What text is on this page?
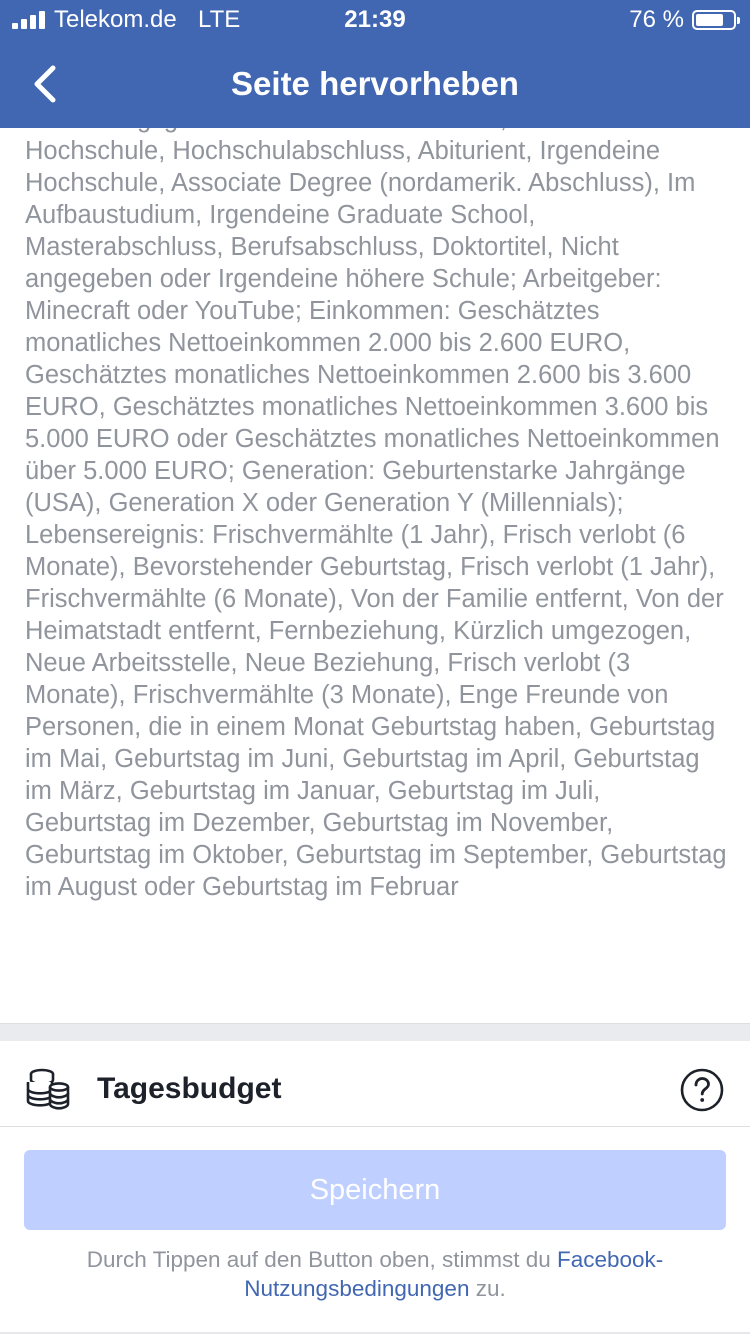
Telekom.de LTE	21:39	76 %
Seite hervorheben

Hochschule, Hochschulabschluss, Abiturient, Irgendeine Hochschule, Associate Degree (nordamerik. Abschluss), Im Aufbaustudium, Irgendeine Graduate School, Masterabschluss, Berufsabschluss, Doktortitel, Nicht angegeben oder Irgendeine höhere Schule; Arbeitgeber: Minecraft oder YouTube; Einkommen: Geschätztes monatliches Nettoeinkommen 2.000 bis 2.600 EURO, Geschätztes monatliches Nettoeinkommen 2.600 bis 3.600 EURO, Geschätztes monatliches Nettoeinkommen 3.600 bis 5.000 EURO oder Geschätztes monatliches Nettoeinkommen über 5.000 EURO; Generation: Geburtenstarke Jahrgänge (USA), Generation X oder Generation Y (Millennials); Lebensereignis: Frischvermählte (1 Jahr), Frisch verlobt (6 Monate), Bevorstehender Geburtstag, Frisch verlobt (1 Jahr), Frischvermählte (6 Monate), Von der Familie entfernt, Von der Heimatstadt entfernt, Fernbeziehung, Kürzlich umgezogen, Neue Arbeitsstelle, Neue Beziehung, Frisch verlobt (3 Monate), Frischvermählte (3 Monate), Enge Freunde von Personen, die in einem Monat Geburtstag haben, Geburtstag im Mai, Geburtstag im Juni, Geburtstag im April, Geburtstag im März, Geburtstag im Januar, Geburtstag im Juli, Geburtstag im Dezember, Geburtstag im November, Geburtstag im Oktober, Geburtstag im September, Geburtstag im August oder Geburtstag im Februar

Tagesbudget
Speichern
Durch Tippen auf den Button oben, stimmst du Facebook-Nutzungsbedingungen zu.
